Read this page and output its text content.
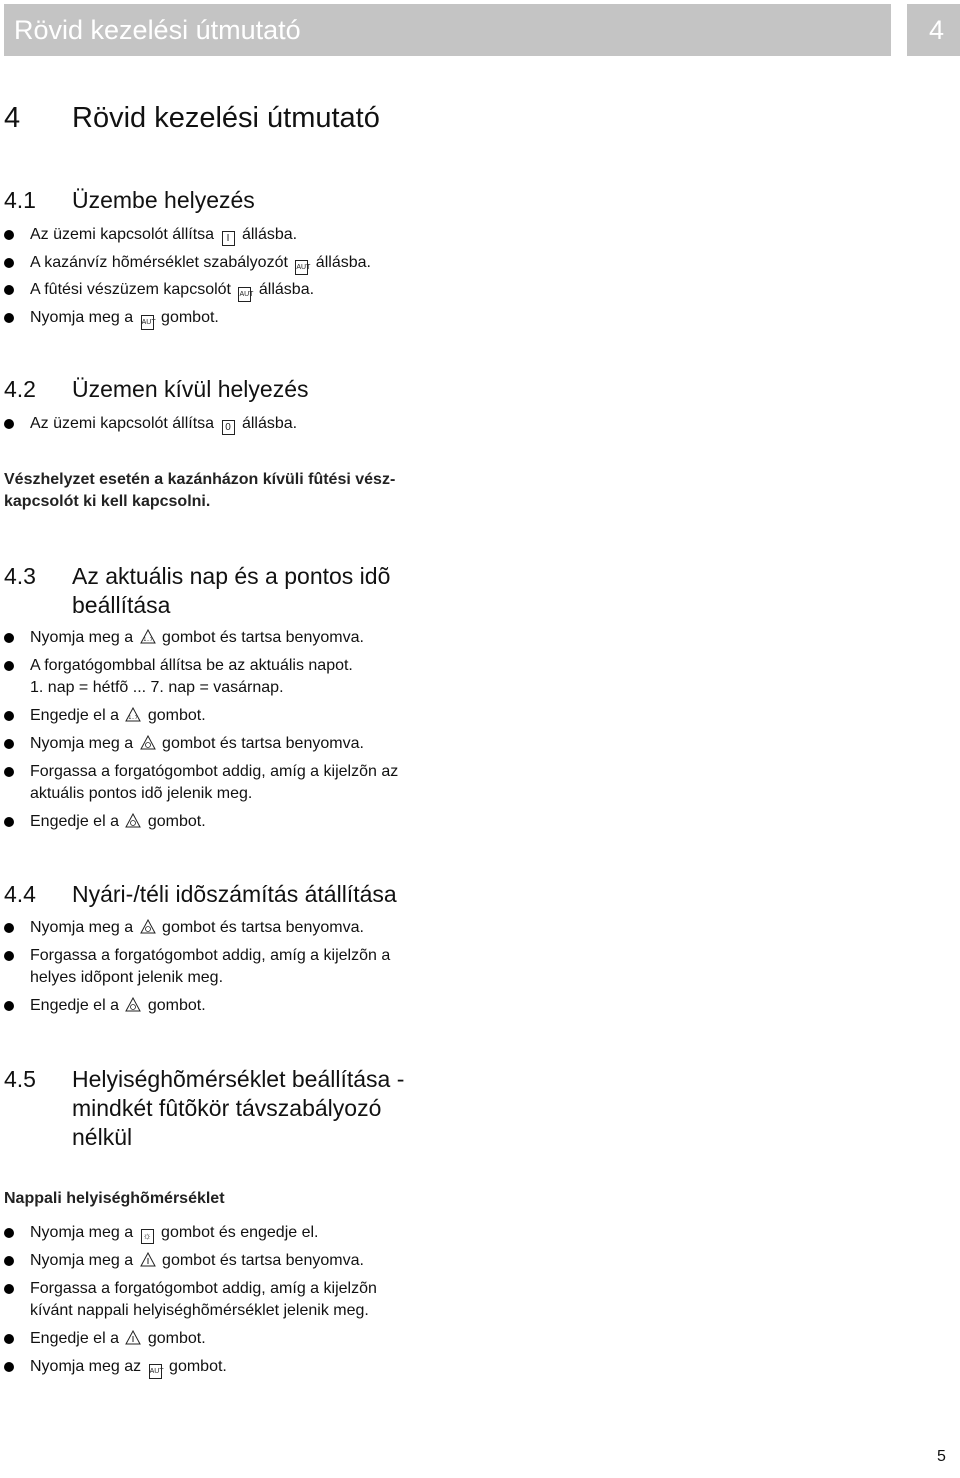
Rövid kezelési útmutató	4
4 Rövid kezelési útmutató
4.1 Üzembe helyezés
Az üzemi kapcsolót állítsa I állásba.
A kazánvíz hõmérséklet szabályozót AUT állásba.
A fûtési vészüzem kapcsolót AUT állásba.
Nyomja meg a AUT gombot.
4.2 Üzemen kívül helyezés
Az üzemi kapcsolót állítsa 0 állásba.
Vészhelyzet esetén a kazánházon kívüli fûtési vész-
kapcsolót ki kell kapcsolni.
4.3 Az aktuális nap és a pontos idõ
beállítása
Nyomja meg a 1..7 gombot és tartsa benyomva.
A forgatógombbal állítsa be az aktuális napot.
1. nap = hétfõ ... 7. nap = vasárnap.
Engedje el a 1..7 gombot.
Nyomja meg a  gombot és tartsa benyomva.
Forgassa a forgatógombot addig, amíg a kijelzõn az
aktuális pontos idõ jelenik meg.
Engedje el a  gombot.
4.4 Nyári-/téli idõszámítás átállítása
Nyomja meg a  gombot és tartsa benyomva.
Forgassa a forgatógombot addig, amíg a kijelzõn a
helyes idõpont jelenik meg.
Engedje el a  gombot.
4.5 Helyiséghõmérséklet beállítása -
mindkét fûtõkör távszabályozó
nélkül
Nappali helyiséghõmérséklet
Nyomja meg a ☼ gombot és engedje el.
Nyomja meg a  gombot és tartsa benyomva.
Forgassa a forgatógombot addig, amíg a kijelzõn
kívánt nappali helyiséghõmérséklet jelenik meg.
Engedje el a  gombot.
Nyomja meg az AUT gombot.
5
